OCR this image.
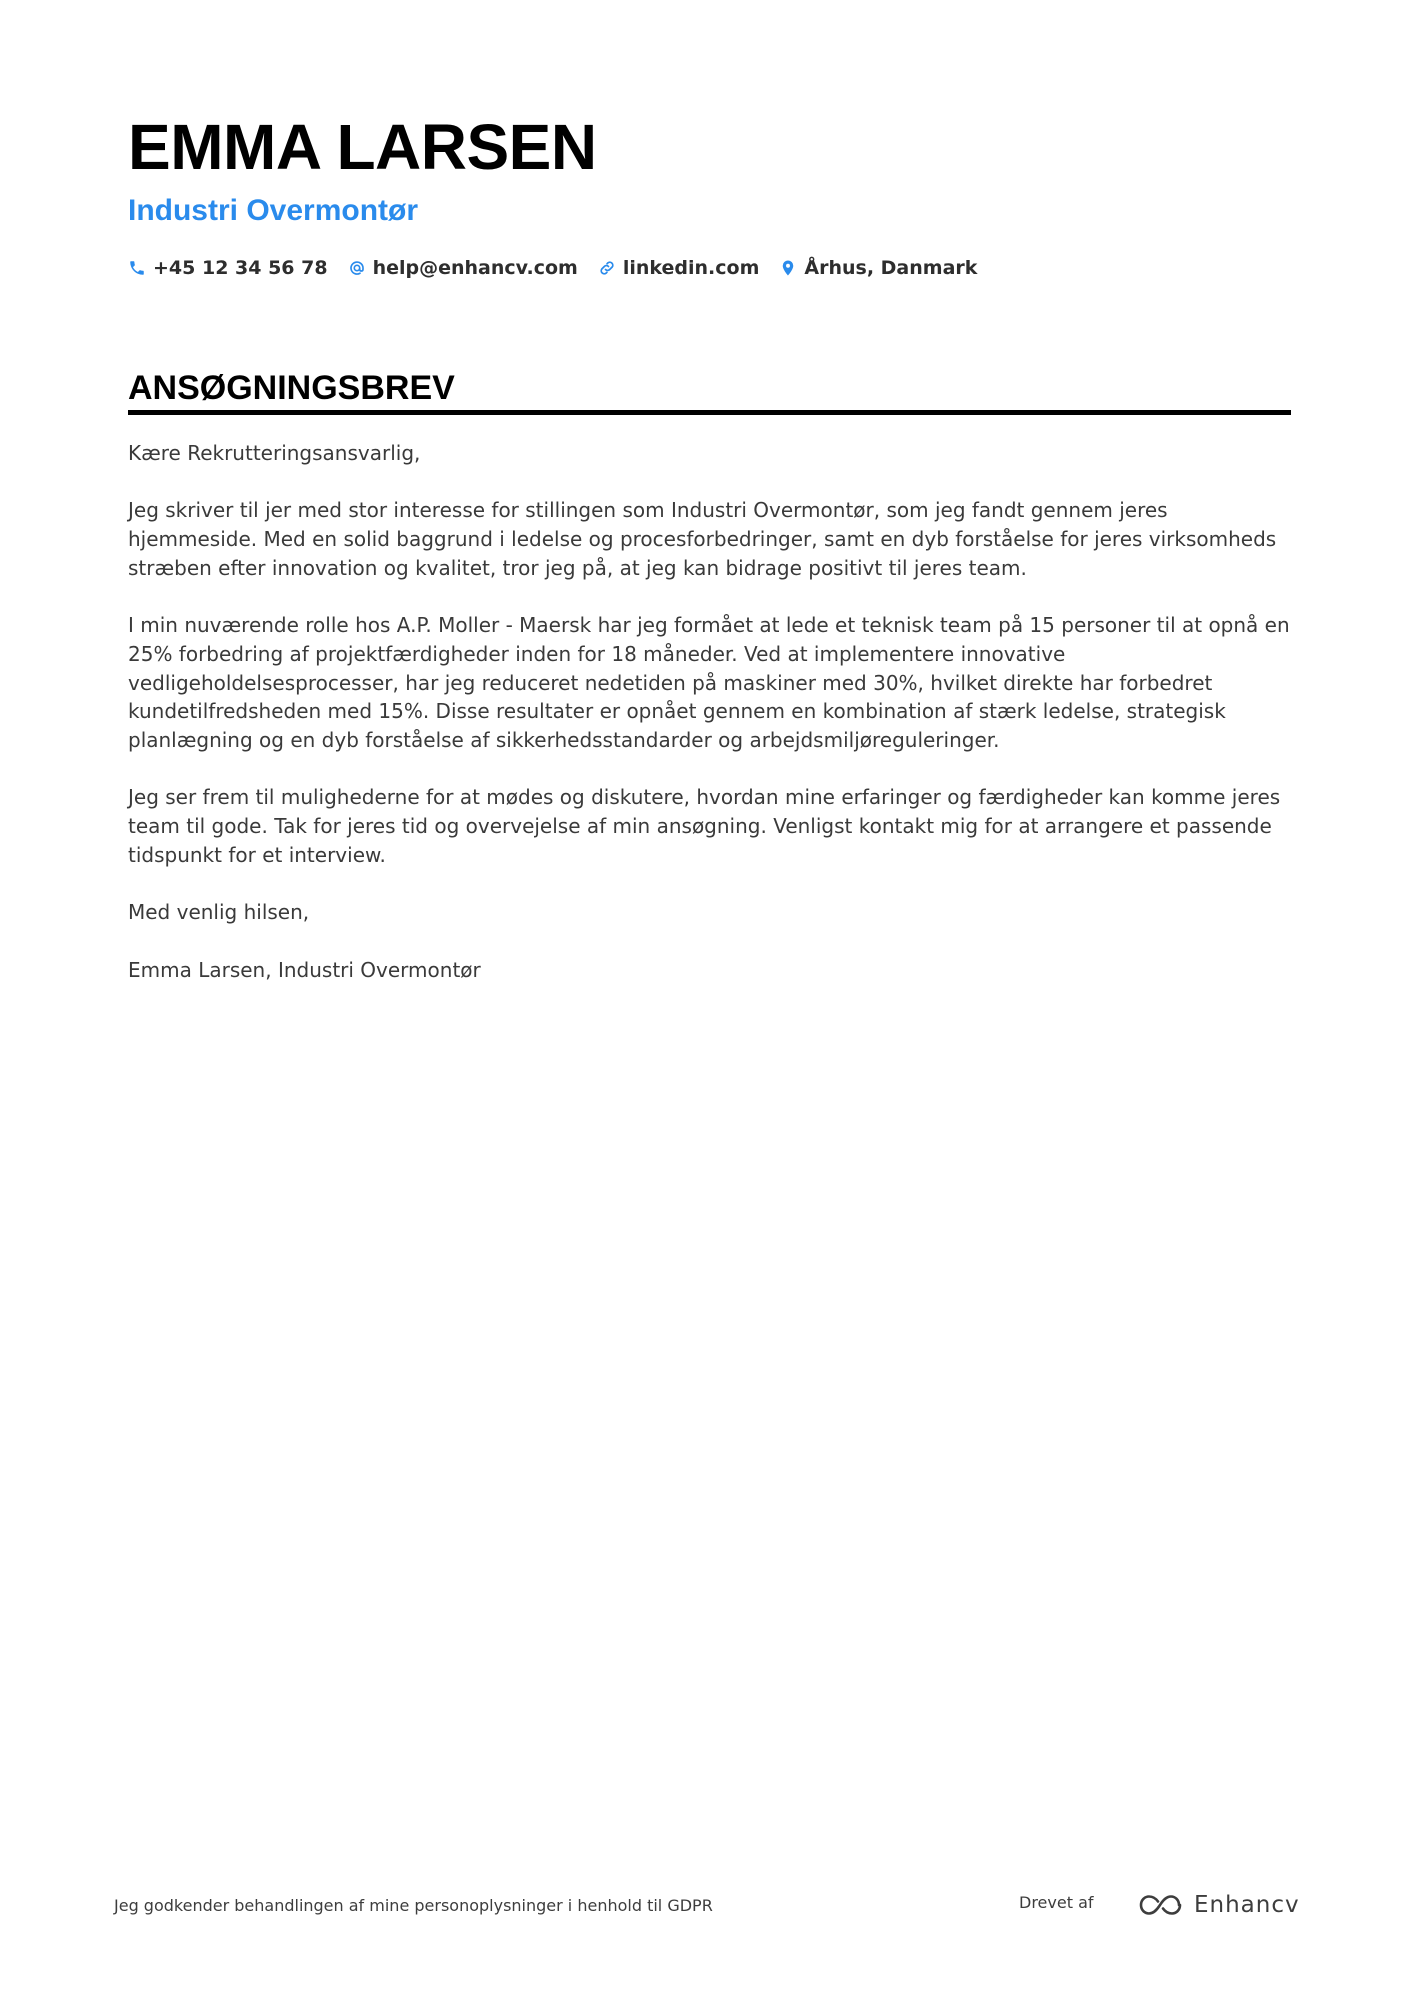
EMMA LARSEN
Industri Overmontør
+45 12 34 56 78 help@enhancv.com linkedin.com Århus, Danmark
ANSØGNINGSBREV

Kære Rekrutteringsansvarlig,

Jeg skriver til jer med stor interesse for stillingen som Industri Overmontør, som jeg fandt gennem jeres hjemmeside. Med en solid baggrund i ledelse og procesforbedringer, samt en dyb forståelse for jeres virksomheds stræben efter innovation og kvalitet, tror jeg på, at jeg kan bidrage positivt til jeres team.

I min nuværende rolle hos A.P. Moller - Maersk har jeg formået at lede et teknisk team på 15 personer til at opnå en 25% forbedring af projektfærdigheder inden for 18 måneder. Ved at implementere innovative vedligeholdelsesprocesser, har jeg reduceret nedetiden på maskiner med 30%, hvilket direkte har forbedret kundetilfredsheden med 15%. Disse resultater er opnået gennem en kombination af stærk ledelse, strategisk planlægning og en dyb forståelse af sikkerhedsstandarder og arbejdsmiljøreguleringer.

Jeg ser frem til mulighederne for at mødes og diskutere, hvordan mine erfaringer og færdigheder kan komme jeres team til gode. Tak for jeres tid og overvejelse af min ansøgning. Venligst kontakt mig for at arrangere et passende tidspunkt for et interview.

Med venlig hilsen,

Emma Larsen, Industri Overmontør

Jeg godkender behandlingen af mine personoplysninger i henhold til GDPR	Drevet af	Enhancv
